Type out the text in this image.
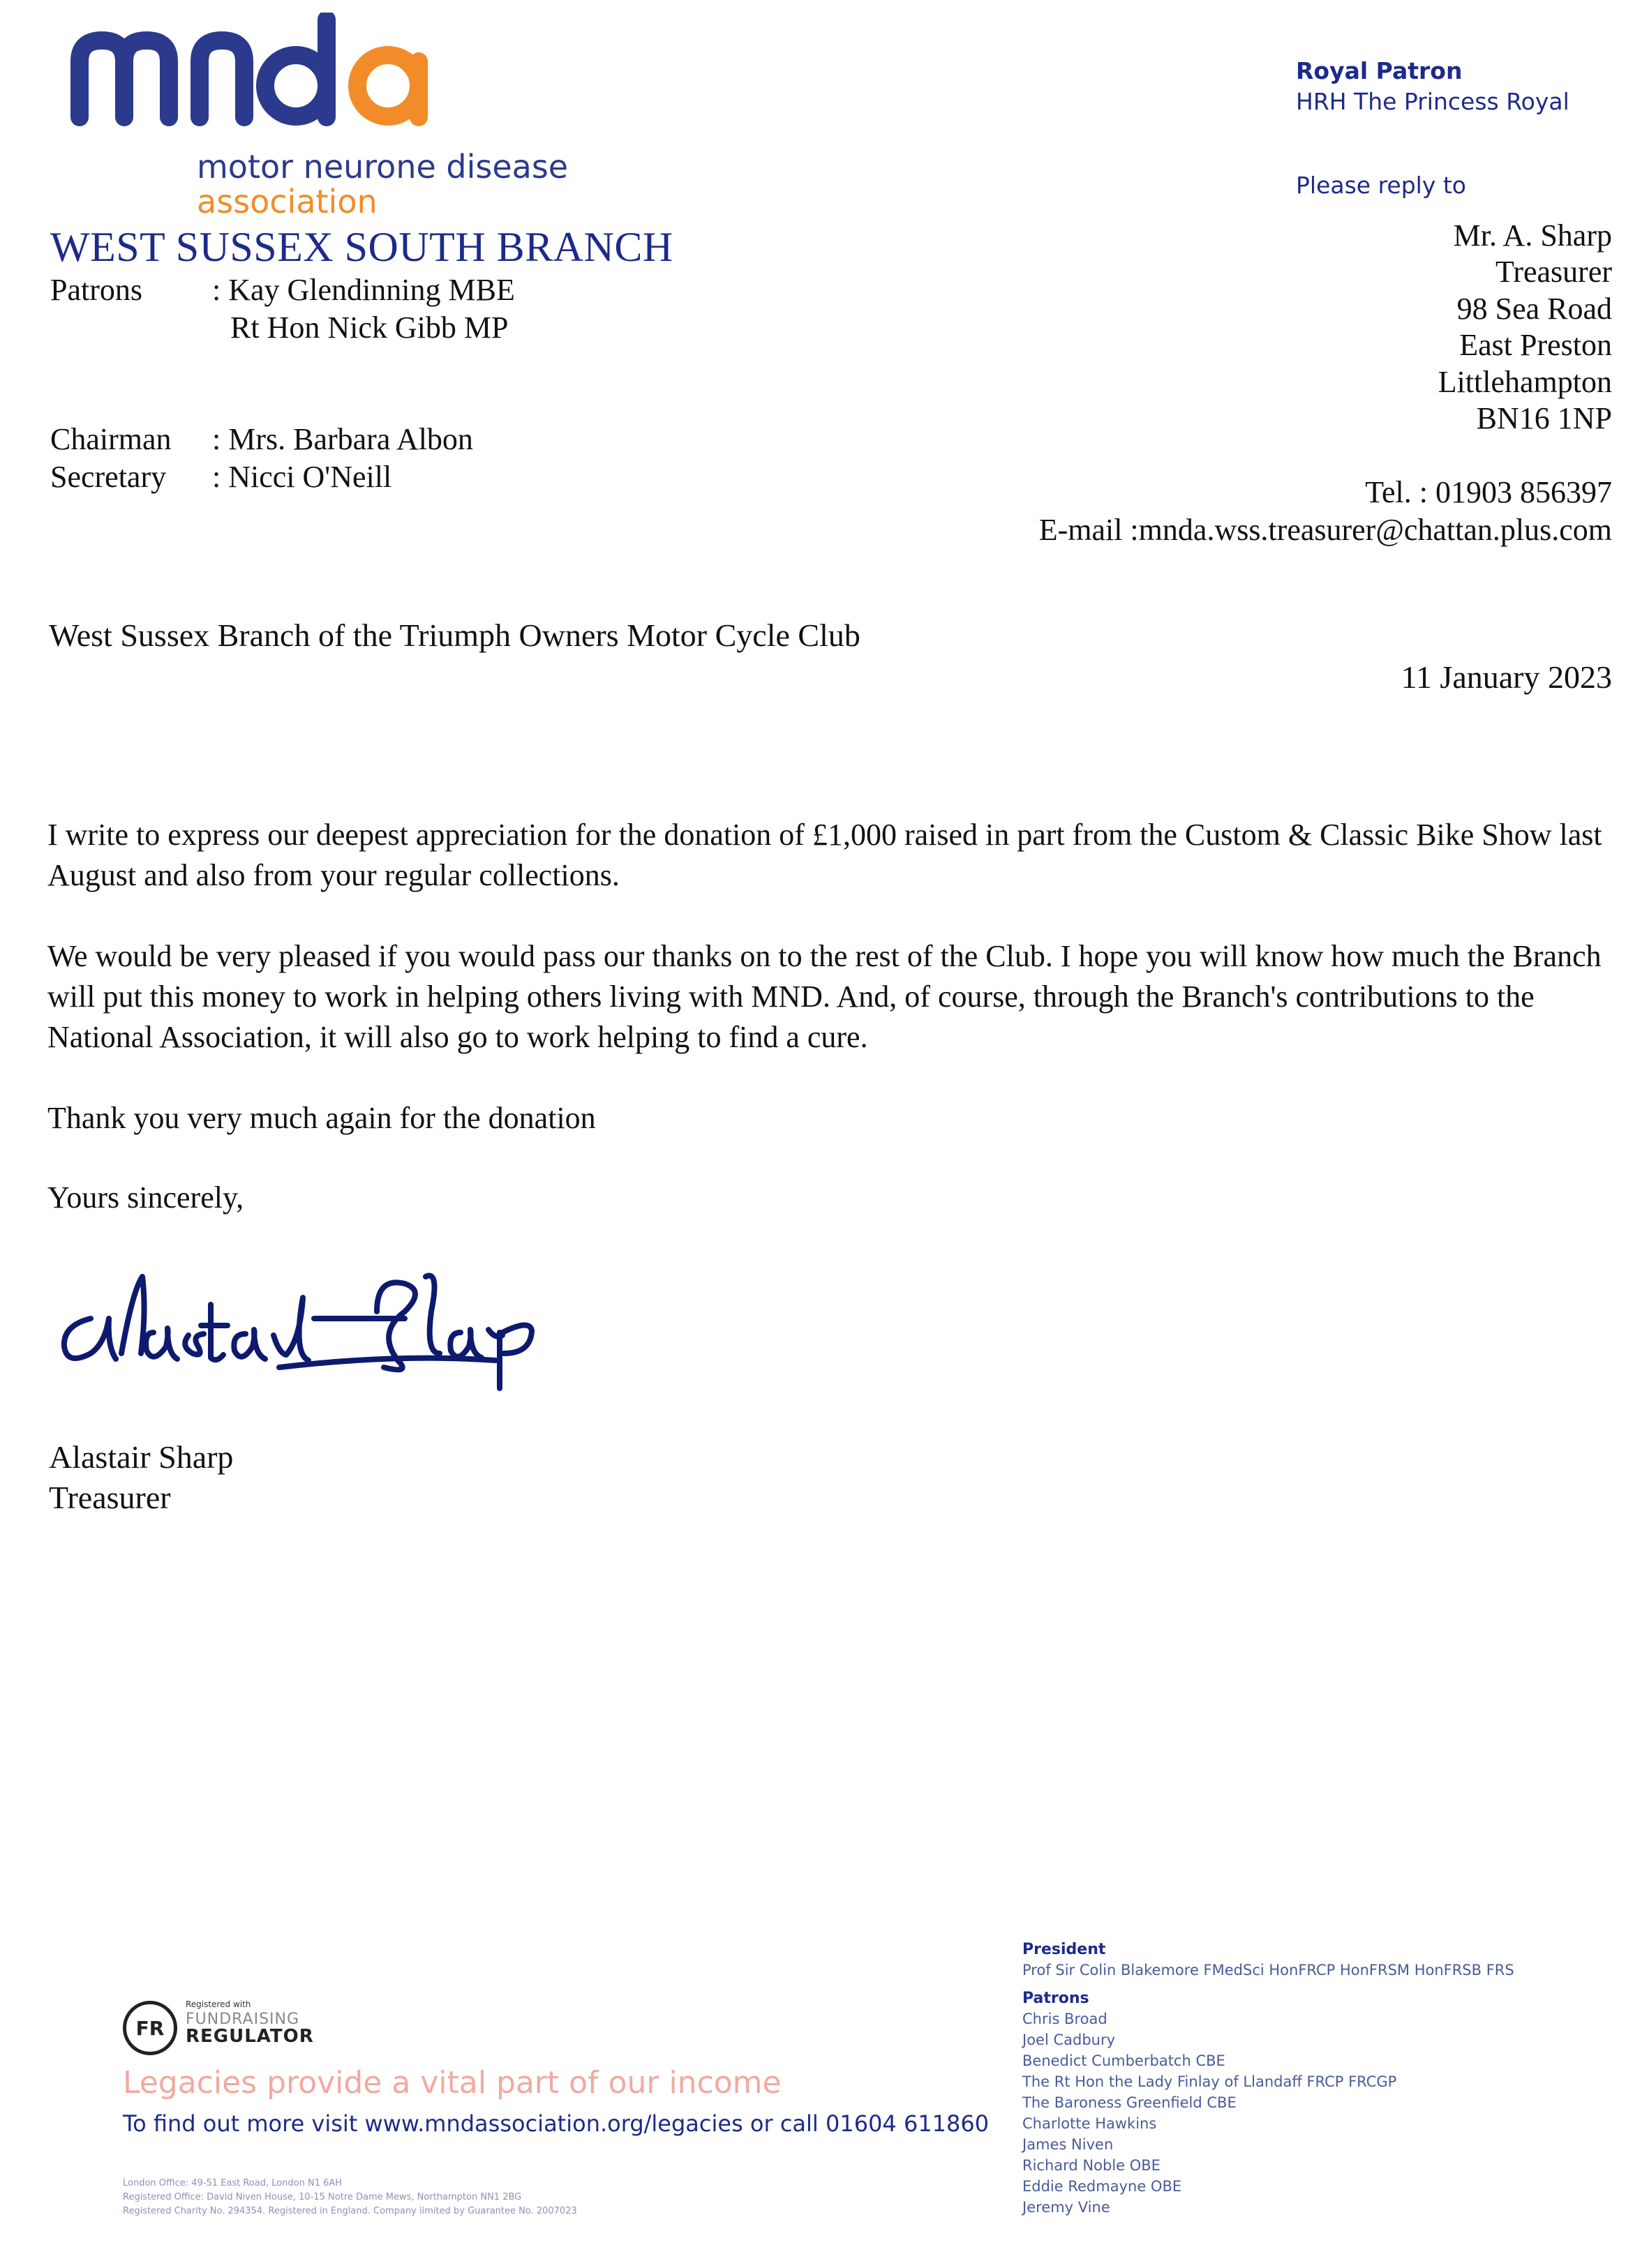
motor neurone disease
association
WEST SUSSEX SOUTH BRANCH
Patrons : Kay Glendinning MBE
Rt Hon Nick Gibb MP
Chairman : Mrs. Barbara Albon
Secretary : Nicci O'Neill
Royal Patron
HRH The Princess Royal
Please reply to
Mr. A. Sharp
Treasurer
98 Sea Road
East Preston
Littlehampton
BN16 1NP
Tel. : 01903 856397
E-mail :mnda.wss.treasurer@chattan.plus.com
West Sussex Branch of the Triumph Owners Motor Cycle Club
11 January 2023
I write to express our deepest appreciation for the donation of £1,000 raised in part from the Custom & Classic Bike Show last August and also from your regular collections.
We would be very pleased if you would pass our thanks on to the rest of the Club. I hope you will know how much the Branch will put this money to work in helping others living with MND. And, of course, through the Branch's contributions to the National Association, it will also go to work helping to find a cure.
Thank you very much again for the donation
Yours sincerely,
Alastair Sharp
Treasurer
FR
Registered with
FUNDRAISING
REGULATOR
Legacies provide a vital part of our income
To find out more visit www.mndassociation.org/legacies or call 01604 611860
London Office: 49-51 East Road, London N1 6AH
Registered Office: David Niven House, 10-15 Notre Dame Mews, Northampton NN1 2BG
Registered Charity No. 294354. Registered in England. Company limited by Guarantee No. 2007023
President
Prof Sir Colin Blakemore FMedSci HonFRCP HonFRSM HonFRSB FRS
Patrons
Chris Broad
Joel Cadbury
Benedict Cumberbatch CBE
The Rt Hon the Lady Finlay of Llandaff FRCP FRCGP
The Baroness Greenfield CBE
Charlotte Hawkins
James Niven
Richard Noble OBE
Eddie Redmayne OBE
Jeremy Vine
